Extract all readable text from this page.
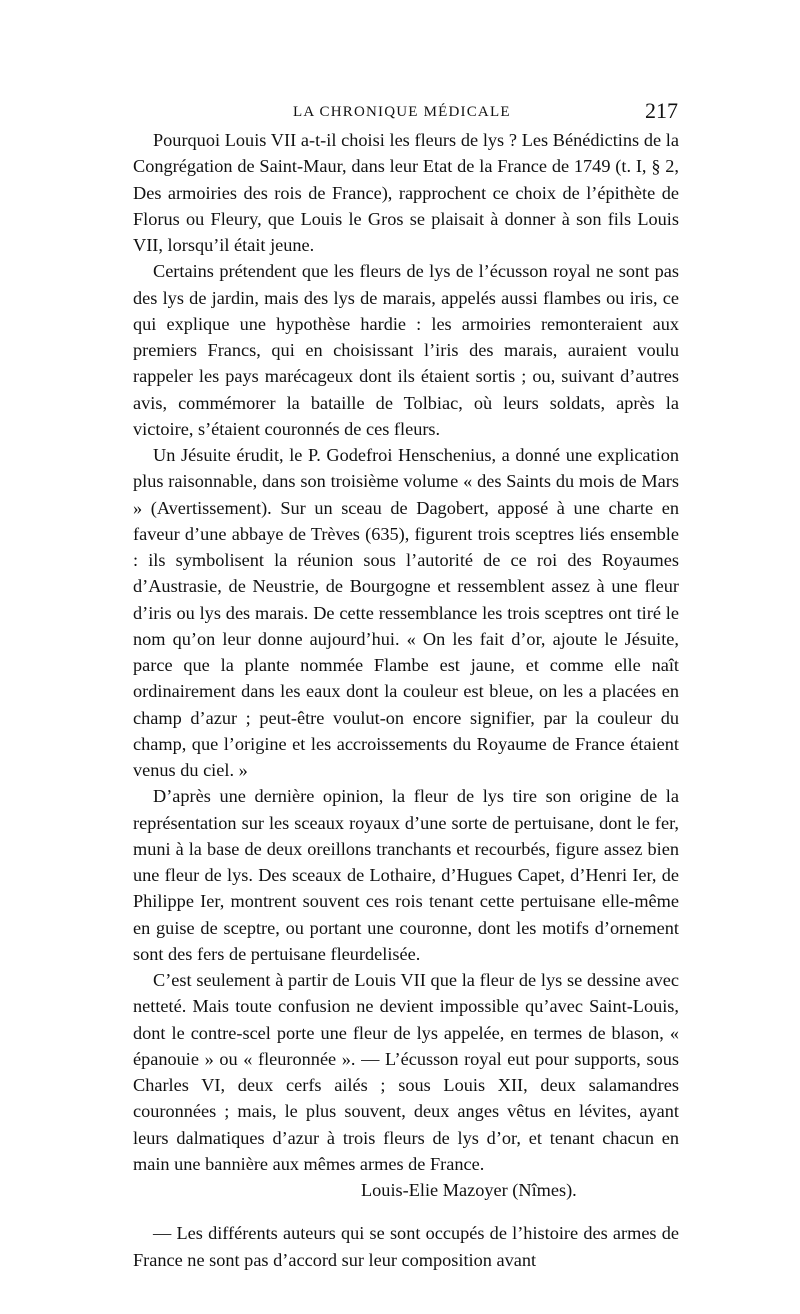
LA CHRONIQUE MÉDICALE	217

Pourquoi Louis VII a-t-il choisi les fleurs de lys ? Les Bénédictins de la Congrégation de Saint-Maur, dans leur Etat de la France de 1749 (t. I, § 2, Des armoiries des rois de France), rapprochent ce choix de l’épithète de Florus ou Fleury, que Louis le Gros se plaisait à donner à son fils Louis VII, lorsqu’il était jeune.

Certains prétendent que les fleurs de lys de l’écusson royal ne sont pas des lys de jardin, mais des lys de marais, appelés aussi flambes ou iris, ce qui explique une hypothèse hardie : les armoiries remonteraient aux premiers Francs, qui en choisissant l’iris des marais, auraient voulu rappeler les pays marécageux dont ils étaient sortis ; ou, suivant d’autres avis, commémorer la bataille de Tolbiac, où leurs soldats, après la victoire, s’étaient couronnés de ces fleurs.

Un Jésuite érudit, le P. Godefroi Henschenius, a donné une explication plus raisonnable, dans son troisième volume « des Saints du mois de Mars » (Avertissement). Sur un sceau de Dagobert, apposé à une charte en faveur d’une abbaye de Trèves (635), figurent trois sceptres liés ensemble : ils symbolisent la réunion sous l’autorité de ce roi des Royaumes d’Austrasie, de Neustrie, de Bourgogne et ressemblent assez à une fleur d’iris ou lys des marais. De cette ressemblance les trois sceptres ont tiré le nom qu’on leur donne aujourd’hui. « On les fait d’or, ajoute le Jésuite, parce que la plante nommée Flambe est jaune, et comme elle naît ordinairement dans les eaux dont la couleur est bleue, on les a placées en champ d’azur ; peut-être voulut-on encore signifier, par la couleur du champ, que l’origine et les accroissements du Royaume de France étaient venus du ciel. »

D’après une dernière opinion, la fleur de lys tire son origine de la représentation sur les sceaux royaux d’une sorte de pertuisane, dont le fer, muni à la base de deux oreillons tranchants et recourbés, figure assez bien une fleur de lys. Des sceaux de Lothaire, d’Hugues Capet, d’Henri Ier, de Philippe Ier, montrent souvent ces rois tenant cette pertuisane elle-même en guise de sceptre, ou portant une couronne, dont les motifs d’ornement sont des fers de pertuisane fleurdelisée.

C’est seulement à partir de Louis VII que la fleur de lys se dessine avec netteté. Mais toute confusion ne devient impossible qu’avec Saint-Louis, dont le contre-scel porte une fleur de lys appelée, en termes de blason, « épanouie » ou « fleuronnée ». — L’écusson royal eut pour supports, sous Charles VI, deux cerfs ailés ; sous Louis XII, deux salamandres couronnées ; mais, le plus souvent, deux anges vêtus en lévites, ayant leurs dalmatiques d’azur à trois fleurs de lys d’or, et tenant chacun en main une bannière aux mêmes armes de France.

Louis-Elie Mazoyer (Nîmes).

— Les différents auteurs qui se sont occupés de l’histoire des armes de France ne sont pas d’accord sur leur composition avant
